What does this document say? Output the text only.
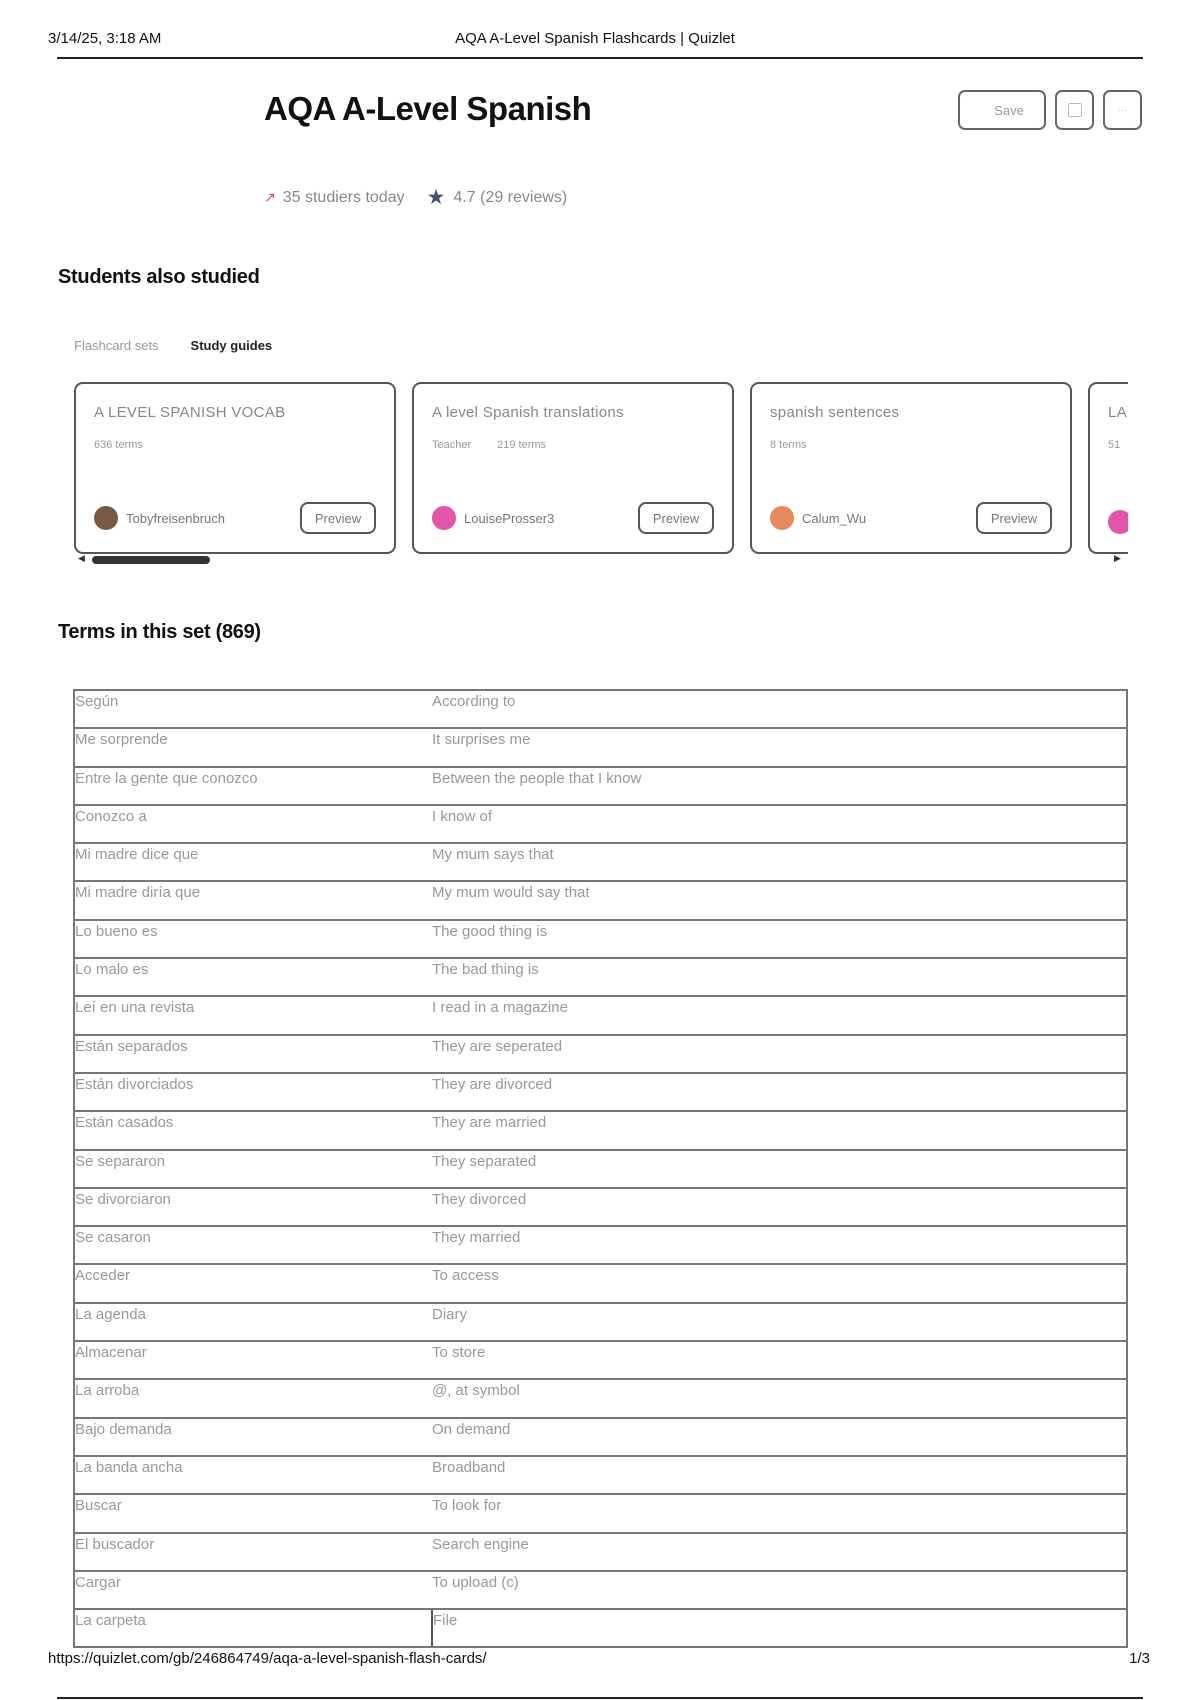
3/14/25, 3:18 AM	AQA A-Level Spanish Flashcards | Quizlet
AQA A-Level Spanish	Save	···
↗ 35 studiers today ★ 4.7 (29 reviews)
Students also studied
Flashcard sets Study guides
A LEVEL SPANISH VOCAB
636 terms
Tobyfreisenbruch	Preview
A level Spanish translations
Teacher 219 terms
LouiseProsser3	Preview
spanish sentences
8 terms
Calum_Wu	Preview
LA
51
◀	▶
Terms in this set (869)
Según	According to
Me sorprende	It surprises me
Entre la gente que conozco	Between the people that I know
Conozco a	I know of
Mi madre dice que	My mum says that
Mi madre diría que	My mum would say that
Lo bueno es	The good thing is
Lo malo es	The bad thing is
Leí en una revista	I read in a magazine
Están separados	They are seperated
Están divorciados	They are divorced
Están casados	They are married
Se separaron	They separated
Se divorciaron	They divorced
Se casaron	They married
Acceder	To access
La agenda	Diary
Almacenar	To store
La arroba	@, at symbol
Bajo demanda	On demand
La banda ancha	Broadband
Buscar	To look for
El buscador	Search engine
Cargar	To upload (c)
La carpeta	File
https://quizlet.com/gb/246864749/aqa-a-level-spanish-flash-cards/	1/3
